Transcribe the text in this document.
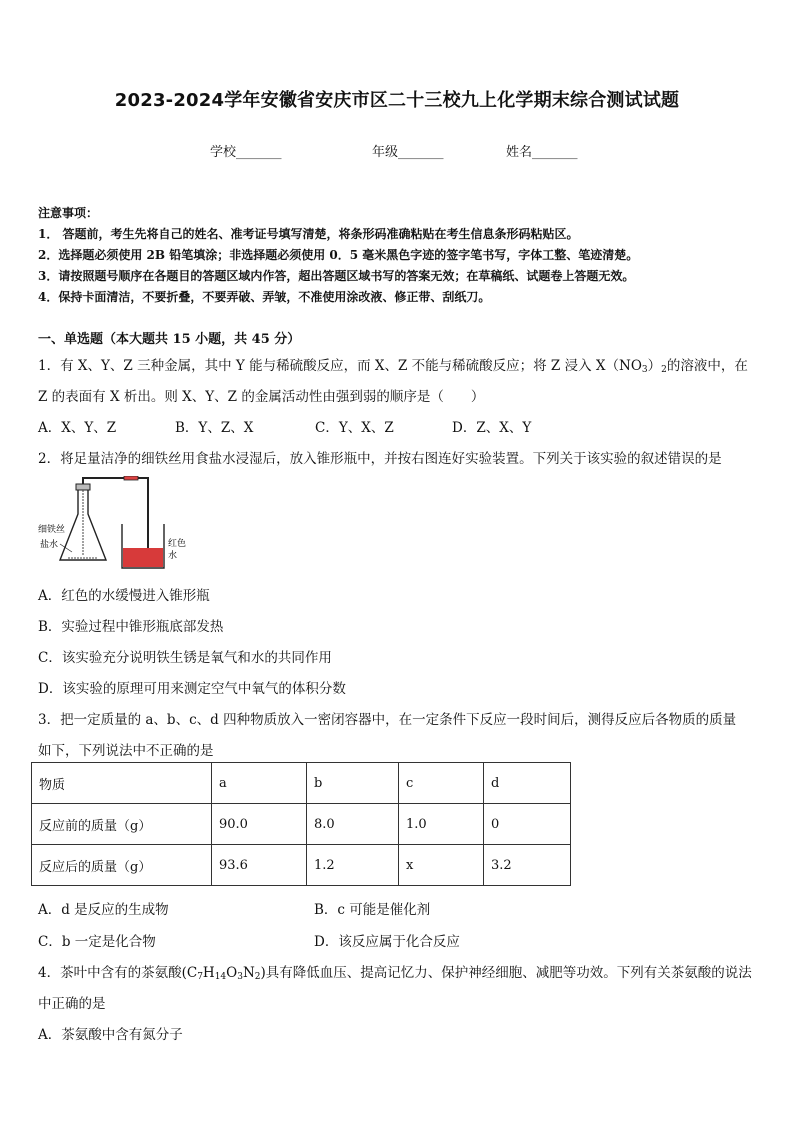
2023-2024学年安徽省安庆市区二十三校九上化学期末综合测试试题
学校_______	年级_______	姓名_______
注意事项：
1． 答题前，考生先将自己的姓名、准考证号填写清楚，将条形码准确粘贴在考生信息条形码粘贴区。
2．选择题必须使用 2B 铅笔填涂；非选择题必须使用 0．5 毫米黑色字迹的签字笔书写，字体工整、笔迹清楚。
3．请按照题号顺序在各题目的答题区域内作答，超出答题区域书写的答案无效；在草稿纸、试题卷上答题无效。
4．保持卡面清洁，不要折叠，不要弄破、弄皱，不准使用涂改液、修正带、刮纸刀。
一、单选题（本大题共 15 小题，共 45 分）
1．有 X、Y、Z 三种金属，其中 Y 能与稀硫酸反应，而 X、Z 不能与稀硫酸反应；将 Z 浸入 $X(NO_3)_2$的溶液中，在
Z 的表面有 X 析出。则 X、Y、Z 的金属活动性由强到弱的顺序是（　　）
A．X、Y、Z	B．Y、Z、X	C．Y、X、Z	D．Z、X、Y
2．将足量洁净的细铁丝用食盐水浸湿后，放入锥形瓶中，并按右图连好实验装置。下列关于该实验的叙述错误的是
细铁丝
盐水	红色
水
A．红色的水缓慢进入锥形瓶
B．实验过程中锥形瓶底部发热
C．该实验充分说明铁生锈是氧气和水的共同作用
D．该实验的原理可用来测定空气中氧气的体积分数
3．把一定质量的 a、b、c、d 四种物质放入一密闭容器中，在一定条件下反应一段时间后，测得反应后各物质的质量
如下，下列说法中不正确的是
物质	a	b	c	d
反应前的质量（g）	90.0	8.0	1.0	0
反应后的质量（g）	93.6	1.2	x	3.2
A．d 是反应的生成物	B．c 可能是催化剂
C．b 一定是化合物	D．该反应属于化合反应
4．茶叶中含有的茶氨酸$(C_7H_{14}O_3N_2)$具有降低血压、提高记忆力、保护神经细胞、减肥等功效。下列有关茶氨酸的说法
中正确的是
A．茶氨酸中含有氮分子
